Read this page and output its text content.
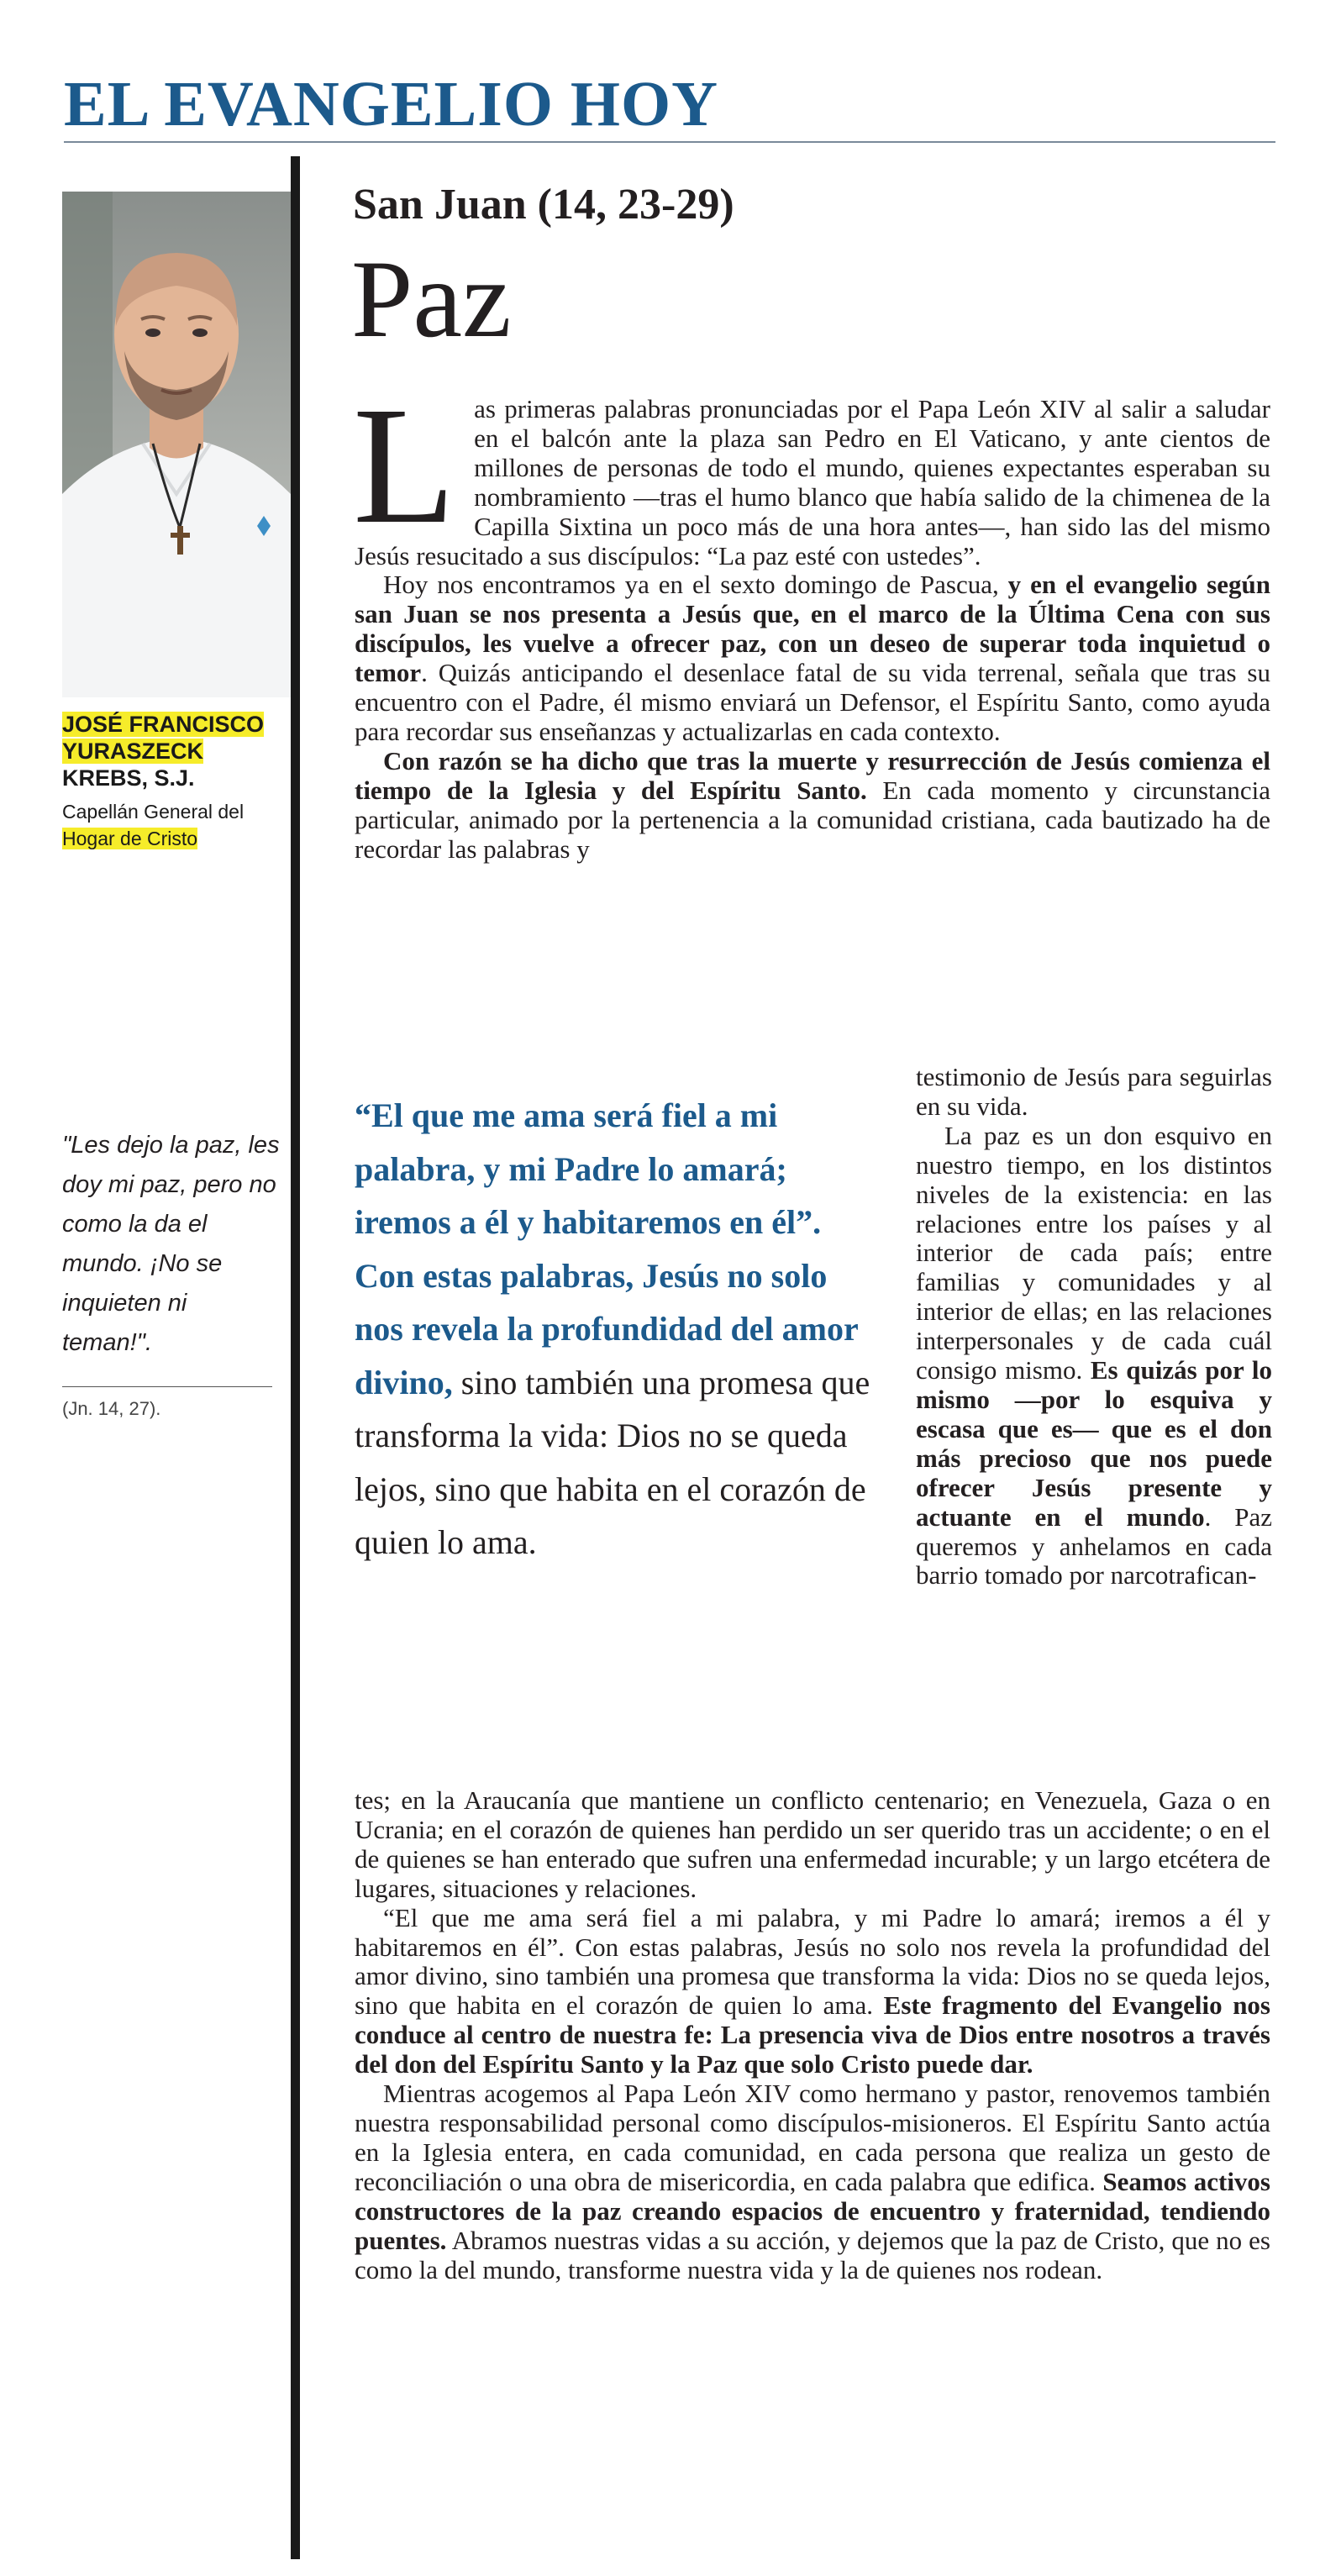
EL EVANGELIO HOY
JOSÉ FRANCISCO
YURASZECK
KREBS, S.J.
Capellán General del
Hogar de Cristo
"Les dejo la paz, les doy mi paz, pero no como la da el mundo. ¡No se inquieten ni teman!".
(Jn. 14, 27).
San Juan (14, 23-29)
Paz

Las primeras palabras pronunciadas por el Papa León XIV al salir a saludar en el balcón ante la plaza san Pedro en El Vaticano, y ante cientos de millones de personas de todo el mundo, quienes expectantes esperaban su nombramiento —tras el humo blanco que había salido de la chimenea de la Capilla Sixtina un poco más de una hora antes—, han sido las del mismo Jesús resucitado a sus discípulos: “La paz esté con ustedes”.

Hoy nos encontramos ya en el sexto domingo de Pascua, y en el evangelio según san Juan se nos presenta a Jesús que, en el marco de la Última Cena con sus discípulos, les vuelve a ofrecer paz, con un deseo de superar toda inquietud o temor. Quizás anticipando el desenlace fatal de su vida terrenal, señala que tras su encuentro con el Padre, él mismo enviará un Defensor, el Espíritu Santo, como ayuda para recordar sus enseñanzas y actualizarlas en cada contexto.

Con razón se ha dicho que tras la muerte y resurrección de Jesús comienza el tiempo de la Iglesia y del Espíritu Santo. En cada momento y circunstancia particular, animado por la pertenencia a la comunidad cristiana, cada bautizado ha de recordar las palabras y

testimonio de Jesús para seguirlas en su vida.

La paz es un don esquivo en nuestro tiempo, en los distintos niveles de la existencia: en las relaciones entre los países y al interior de cada país; entre familias y comunidades y al interior de ellas; en las relaciones interpersonales y de cada cuál consigo mismo. Es quizás por lo mismo —por lo esquiva y escasa que es— que es el don más precioso que nos puede ofrecer Jesús presente y actuante en el mundo. Paz queremos y anhelamos en cada barrio tomado por narcotrafican-

“El que me ama será fiel a mi palabra, y mi Padre lo amará; iremos a él y habitaremos en él”. Con estas palabras, Jesús no solo nos revela la profundidad del amor divino, sino también una promesa que transforma la vida: Dios no se queda lejos, sino que habita en el corazón de quien lo ama.

tes; en la Araucanía que mantiene un conflicto centenario; en Venezuela, Gaza o en Ucrania; en el corazón de quienes han perdido un ser querido tras un accidente; o en el de quienes se han enterado que sufren una enfermedad incurable; y un largo etcétera de lugares, situaciones y relaciones.

“El que me ama será fiel a mi palabra, y mi Padre lo amará; iremos a él y habitaremos en él”. Con estas palabras, Jesús no solo nos revela la profundidad del amor divino, sino también una promesa que transforma la vida: Dios no se queda lejos, sino que habita en el corazón de quien lo ama. Este fragmento del Evangelio nos conduce al centro de nuestra fe: La presencia viva de Dios entre nosotros a través del don del Espíritu Santo y la Paz que solo Cristo puede dar.

Mientras acogemos al Papa León XIV como hermano y pastor, renovemos también nuestra responsabilidad personal como discípulos-misioneros. El Espíritu Santo actúa en la Iglesia entera, en cada comunidad, en cada persona que realiza un gesto de reconciliación o una obra de misericordia, en cada palabra que edifica. Seamos activos constructores de la paz creando espacios de encuentro y fraternidad, tendiendo puentes. Abramos nuestras vidas a su acción, y dejemos que la paz de Cristo, que no es como la del mundo, transforme nuestra vida y la de quienes nos rodean.
